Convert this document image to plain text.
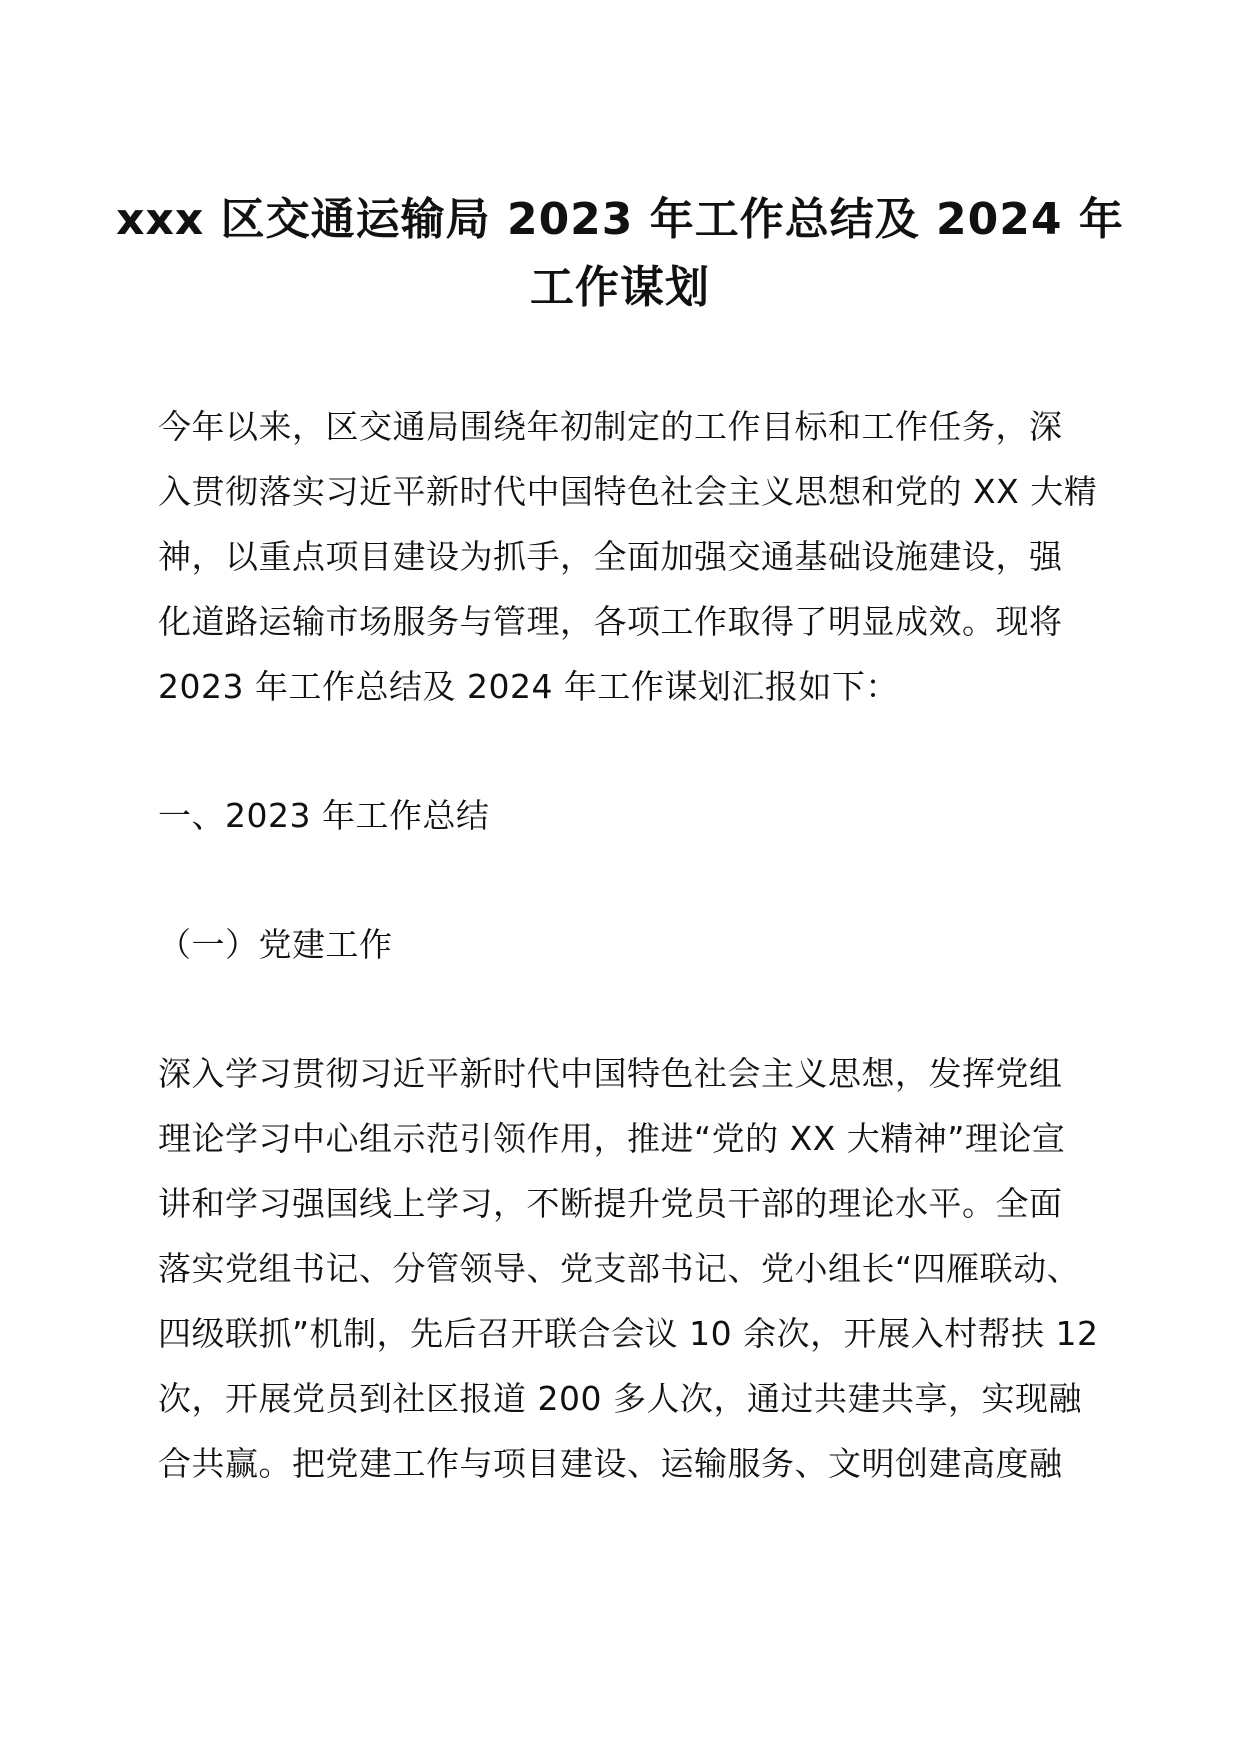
xxx 区交通运输局 2023 年工作总结及 2024 年
工作谋划
今年以来，区交通局围绕年初制定的工作目标和工作任务，深
入贯彻落实习近平新时代中国特色社会主义思想和党的 XX 大精
神，以重点项目建设为抓手，全面加强交通基础设施建设，强
化道路运输市场服务与管理，各项工作取得了明显成效。现将
2023 年工作总结及 2024 年工作谋划汇报如下：
一、2023 年工作总结
（一）党建工作
深入学习贯彻习近平新时代中国特色社会主义思想，发挥党组
理论学习中心组示范引领作用，推进“党的 XX 大精神”理论宣
讲和学习强国线上学习，不断提升党员干部的理论水平。全面
落实党组书记、分管领导、党支部书记、党小组长“四雁联动、
四级联抓”机制，先后召开联合会议 10 余次，开展入村帮扶 12
次，开展党员到社区报道 200 多人次，通过共建共享，实现融
合共赢。把党建工作与项目建设、运输服务、文明创建高度融
